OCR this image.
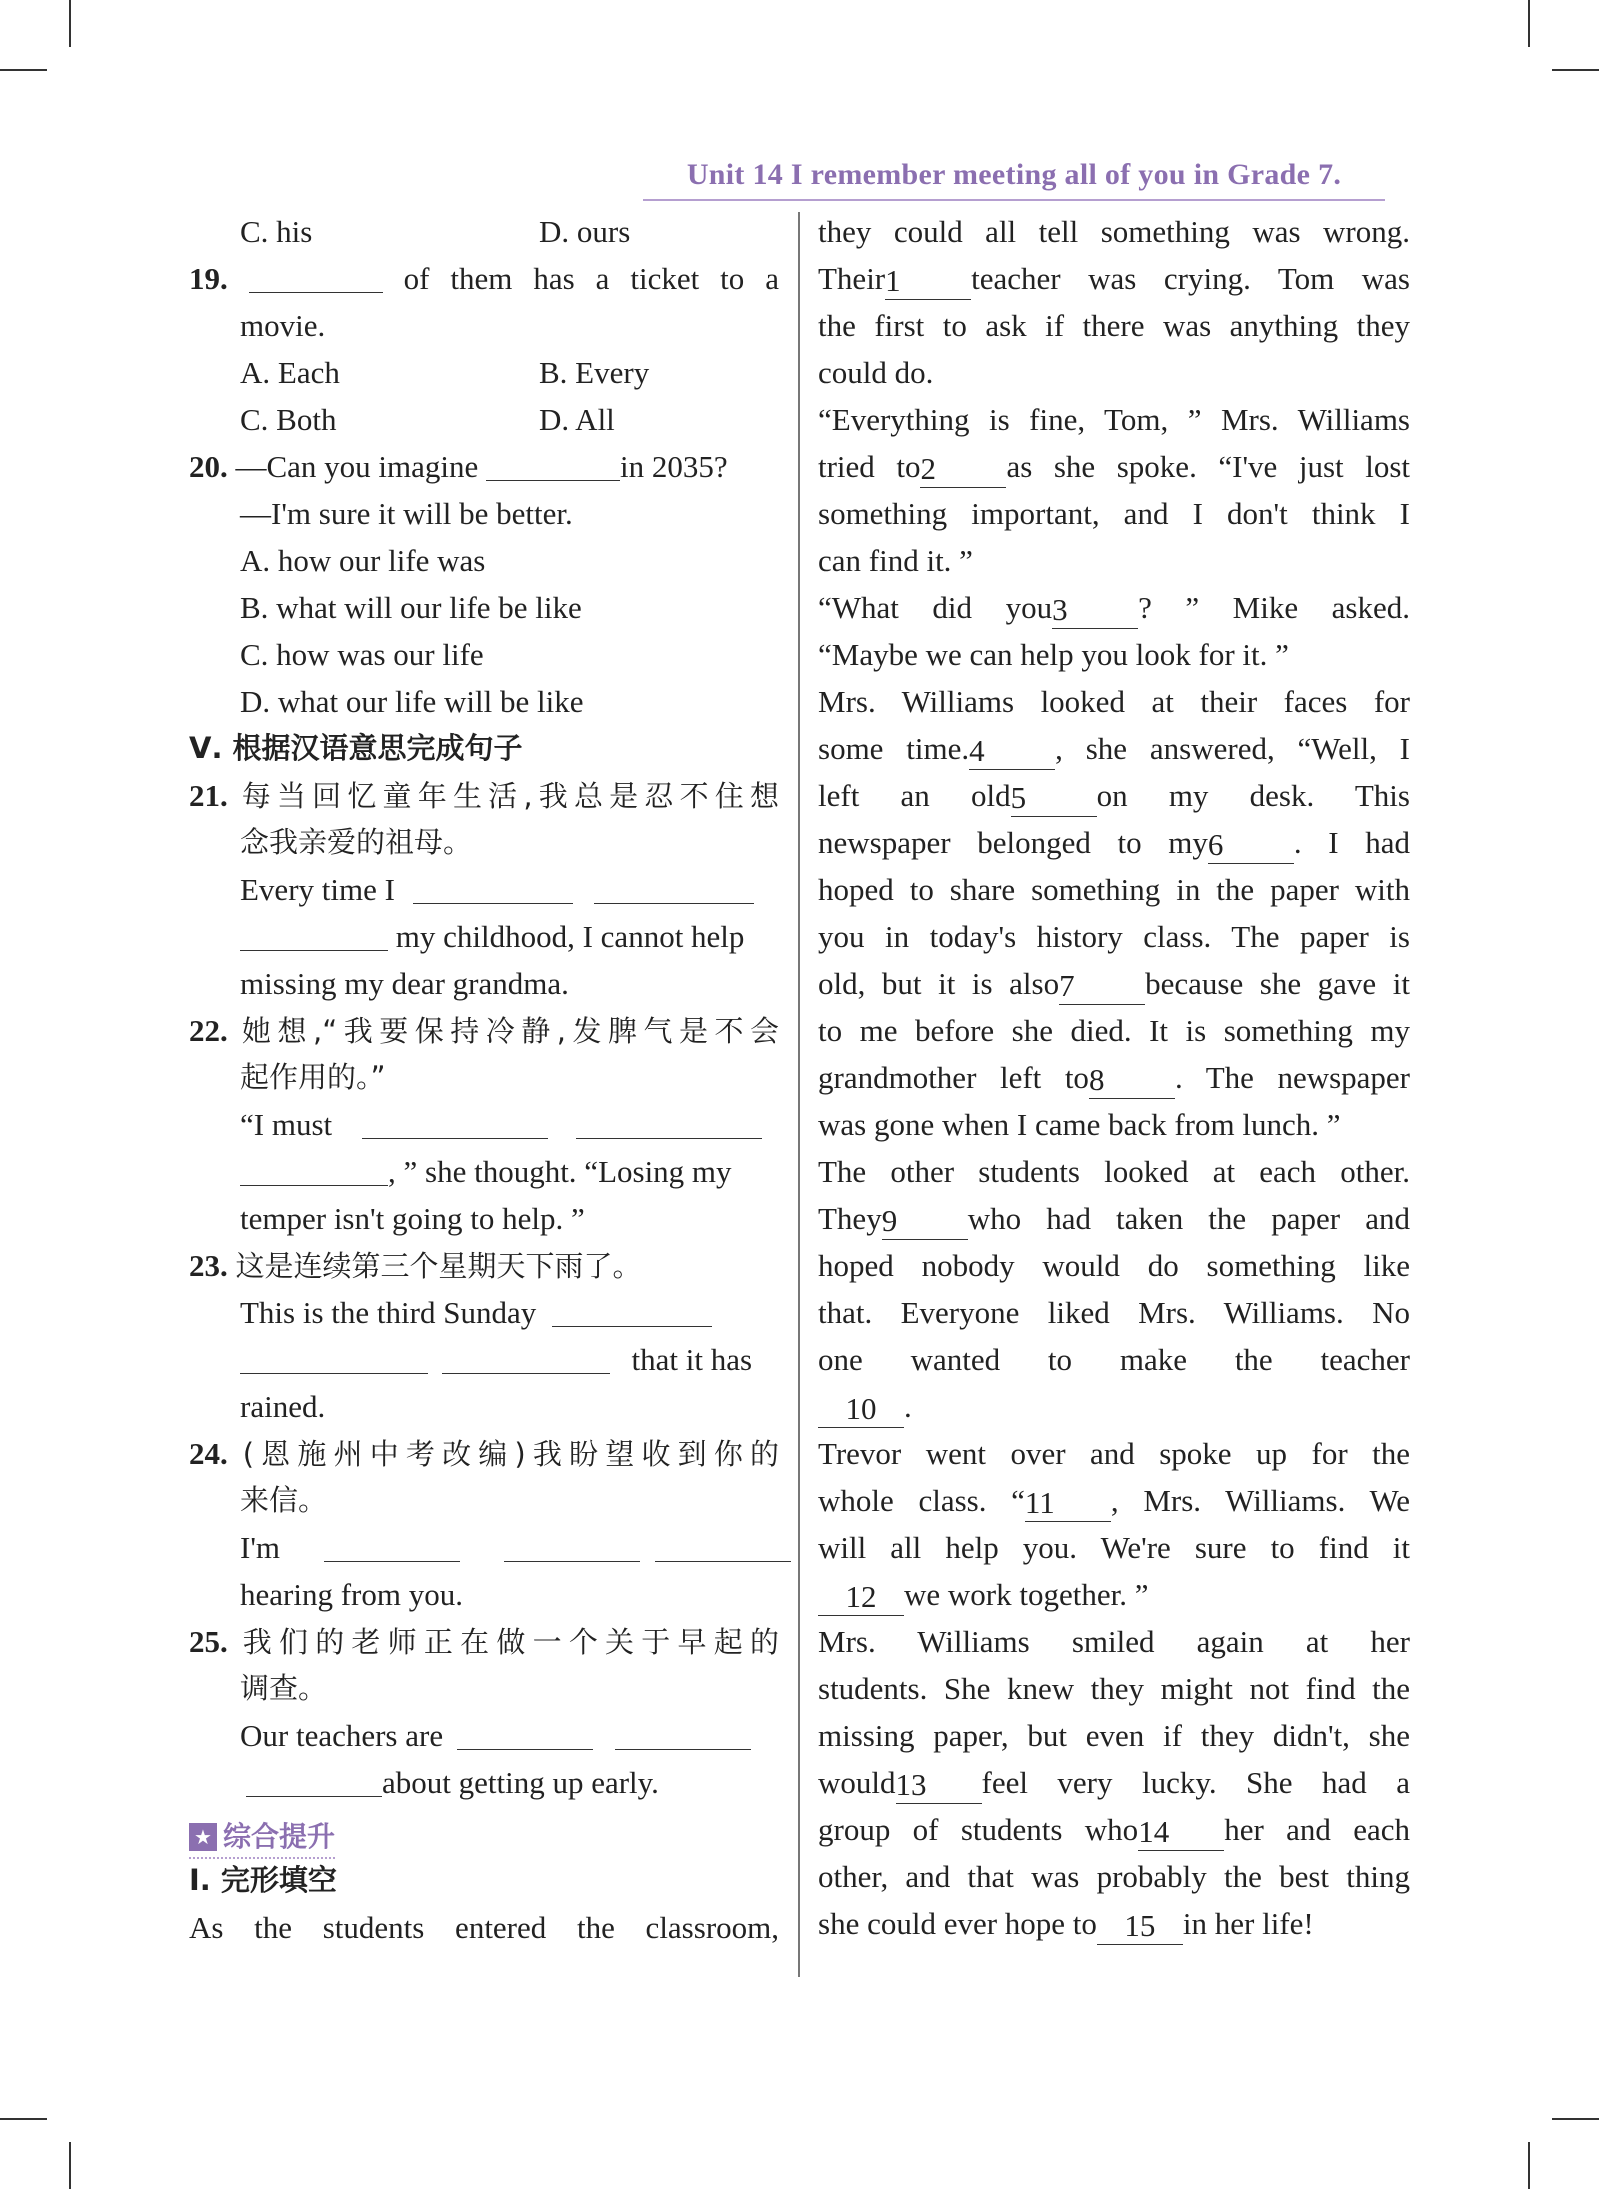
Unit 14 I remember meeting all of you in Grade 7.
C. his	D. ours
19.	of them has a ticket to a
movie.
A. Each	B. Every
C. Both	D. All
20. —Can you imagine	in 2035?
—I'm sure it will be better.
A. how our life was
B. what will our life be like
C. how was our life
D. what our life will be like
Ⅴ. 根据汉语意思完成句子
21. 每当回忆童年生活,我总是忍不住想
念我亲爱的祖母。
Every time I
my childhood, I cannot help
missing my dear grandma.
22. 她想,“我要保持冷静,发脾气是不会
起作用的。”
“I must
, ” she thought. “Losing my
temper isn't going to help. ”
23. 这是连续第三个星期天下雨了。
This is the third Sunday
that it has
rained.
24. (恩施州中考改编)我盼望收到你的
来信。
I'm
hearing from you.
25. 我们的老师正在做一个关于早起的
调查。
Our teachers are
about getting up early.
★ 综合提升
Ⅰ. 完形填空
As the students entered the classroom,
they could all tell something was wrong.
Their1 teacher was crying. Tom was
the first to ask if there was anything they
could do.
“Everything is fine, Tom, ” Mrs. Williams
tried to2 as she spoke. “I've just lost
something important, and I don't think I
can find it. ”
“What did you3 ? ” Mike asked.
“Maybe we can help you look for it. ”
Mrs. Williams looked at their faces for
some time.4 , she answered, “Well, I
left an old5 on my desk. This
newspaper belonged to my6 . I had
hoped to share something in the paper with
you in today's history class. The paper is
old, but it is also7 because she gave it
to me before she died. It is something my
grandmother left to8 . The newspaper
was gone when I came back from lunch. ”
The other students looked at each other.
They9 who had taken the paper and
hoped nobody would do something like
that. Everyone liked Mrs. Williams. No
one wanted to make the teacher
10 .
Trevor went over and spoke up for the
whole class. “11 , Mrs. Williams. We
will all help you. We're sure to find it
12 we work together. ”
Mrs. Williams smiled again at her
students. She knew they might not find the
missing paper, but even if they didn't, she
would13 feel very lucky. She had a
group of students who14 her and each
other, and that was probably the best thing
she could ever hope to 15 in her life!
